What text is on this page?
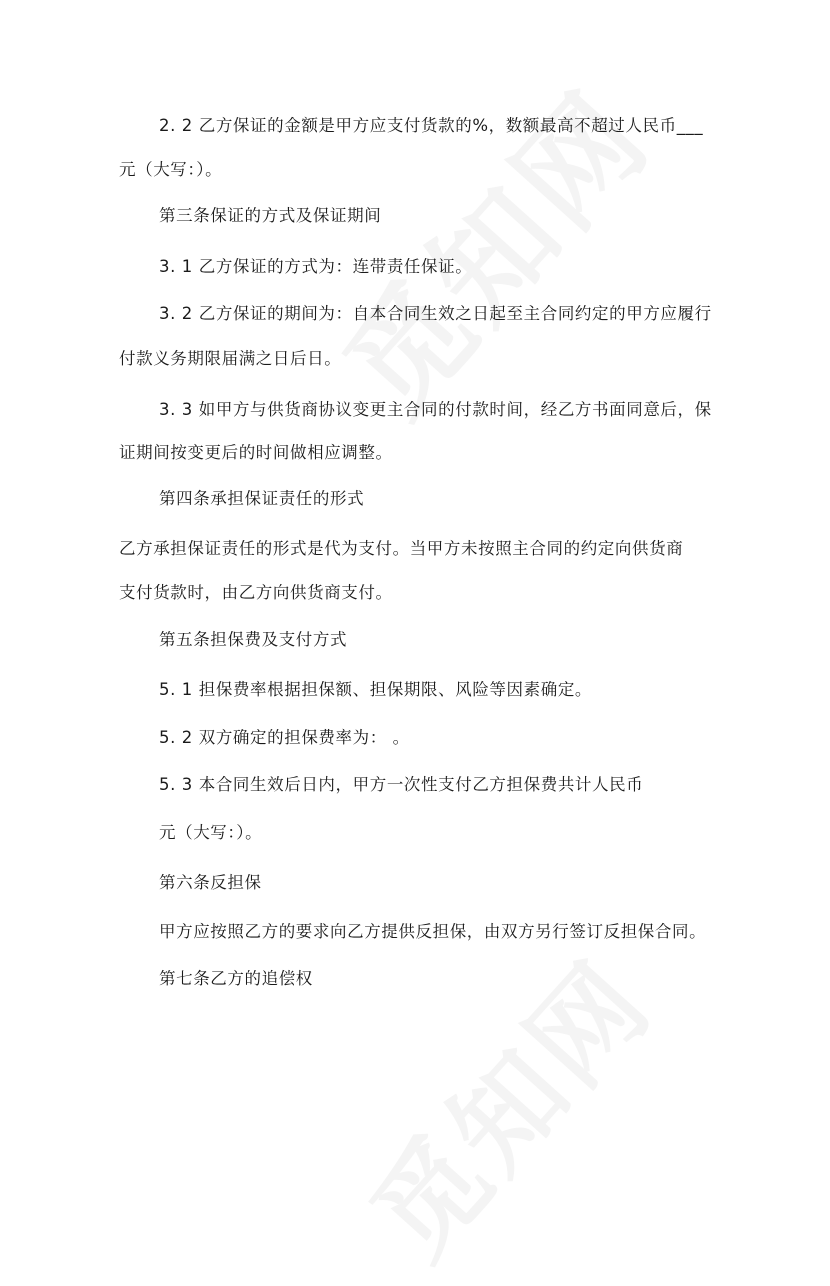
2. 2 乙方保证的金额是甲方应支付货款的%，数额最高不超过人民币___
元（大写：）。
第三条保证的方式及保证期间
3. 1 乙方保证的方式为：连带责任保证。
3. 2 乙方保证的期间为：自本合同生效之日起至主合同约定的甲方应履行
付款义务期限届满之日后日。
3. 3 如甲方与供货商协议变更主合同的付款时间，经乙方书面同意后，保
证期间按变更后的时间做相应调整。
第四条承担保证责任的形式
乙方承担保证责任的形式是代为支付。当甲方未按照主合同的约定向供货商
支付货款时，由乙方向供货商支付。
第五条担保费及支付方式
5. 1 担保费率根据担保额、担保期限、风险等因素确定。
5. 2 双方确定的担保费率为： 。
5. 3 本合同生效后日内，甲方一次性支付乙方担保费共计人民币
元（大写：）。
第六条反担保
甲方应按照乙方的要求向乙方提供反担保，由双方另行签订反担保合同。
第七条乙方的追偿权
